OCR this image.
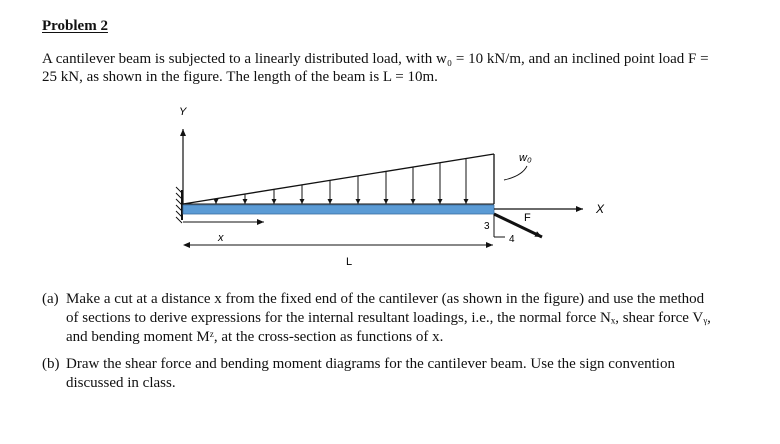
Problem 2
A cantilever beam is subjected to a linearly distributed load, with w₀ = 10 kN/m, and an inclined point load F =
25 kN, as shown in the figure. The length of the beam is L = 10m.
Y
w₀
X
F
3
4
x
L
(a) Make a cut at a distance x from the fixed end of the cantilever (as shown in the figure) and use the method
of sections to derive expressions for the internal resultant loadings, i.e., the normal force Nₓ, shear force Vᵧ,
and bending moment Mᶻ, at the cross-section as functions of x.
(b) Draw the shear force and bending moment diagrams for the cantilever beam. Use the sign convention
discussed in class.
